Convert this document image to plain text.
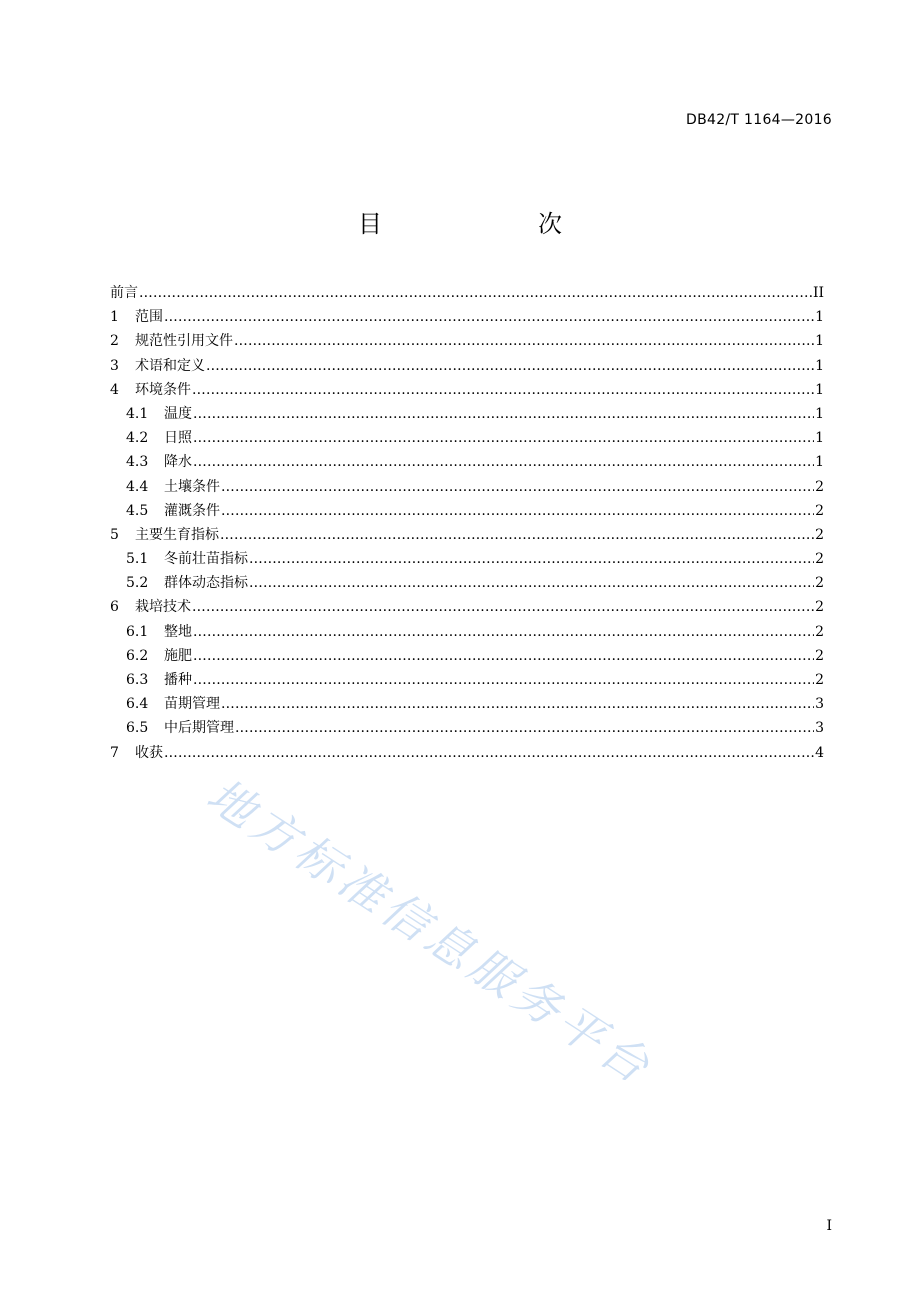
DB42/T 1164—2016
目　　次
前言 .....	II
1	范围 .....	1
2	规范性引用文件 .....	1
3	术语和定义 .....	1
4	环境条件 .....	1
4.1	温度 .....	1
4.2	日照 .....	1
4.3	降水 .....	1
4.4	土壤条件 .....	2
4.5	灌溉条件 .....	2
5	主要生育指标 .....	2
5.1	冬前壮苗指标 .....	2
5.2	群体动态指标 .....	2
6	栽培技术 .....	2
6.1	整地 .....	2
6.2	施肥 .....	2
6.3	播种 .....	2
6.4	苗期管理 .....	3
6.5	中后期管理 .....	3
7	收获 .....	4
地方标准信息服务平台
I
